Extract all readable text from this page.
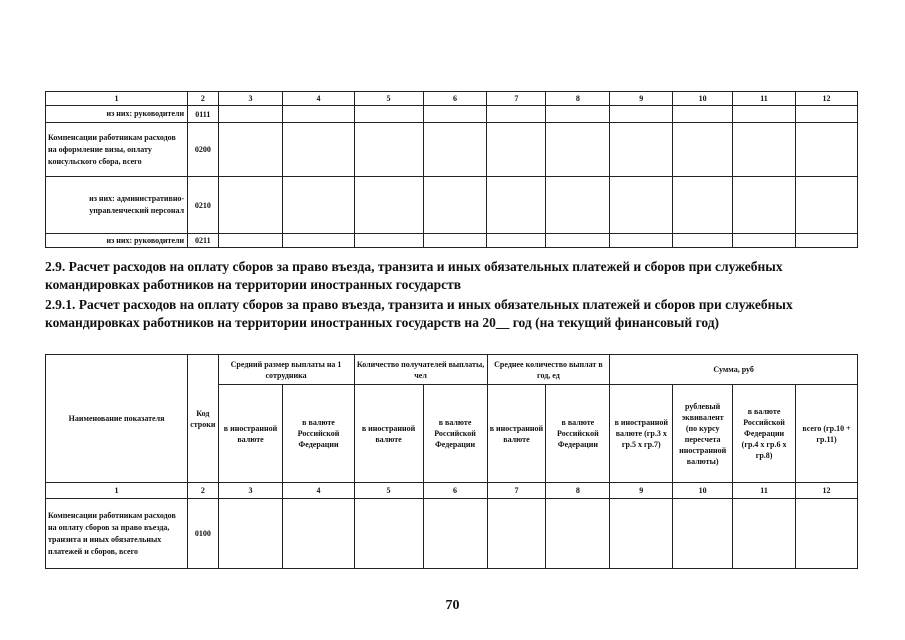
1	2	3	4	5	6	7	8	9	10	11	12
из них: руководители	0111										
Компенсации работникам расходов на оформление визы, оплату консульского сбора, всего	0200										
из них: административно-управленческий персонал	0210										
из них: руководители	0211										

2.9. Расчет расходов на оплату сборов за право въезда, транзита и иных обязательных платежей и сборов при служебных командировках работников на территории иностранных государств

2.9.1. Расчет расходов на оплату сборов за право въезда, транзита и иных обязательных платежей и сборов при служебных командировках работников на территории иностранных государств на 20__ год (на текущий финансовый год)

Наименование показателя	Код строки	Средний размер выплаты на 1 сотрудника		Количество получателей выплаты, чел		Среднее количество выплат в год, ед		Сумма, руб			
		в иностранной валюте	в валюте Российской Федерации	в иностранной валюте	в валюте Российской Федерации	в иностранной валюте	в валюте Российской Федерации	в иностранной валюте (гр.3 x гр.5 x гр.7)	рублевый эквивалент (по курсу пересчета иностранной валюты)	в валюте Российской Федерации (гр.4 x гр.6 x гр.8)	всего (гр.10 + гр.11)
1	2	3	4	5	6	7	8	9	10	11	12
Компенсации работникам расходов на оплату сборов за право въезда, транзита и иных обязательных платежей и сборов, всего	0100										
70
